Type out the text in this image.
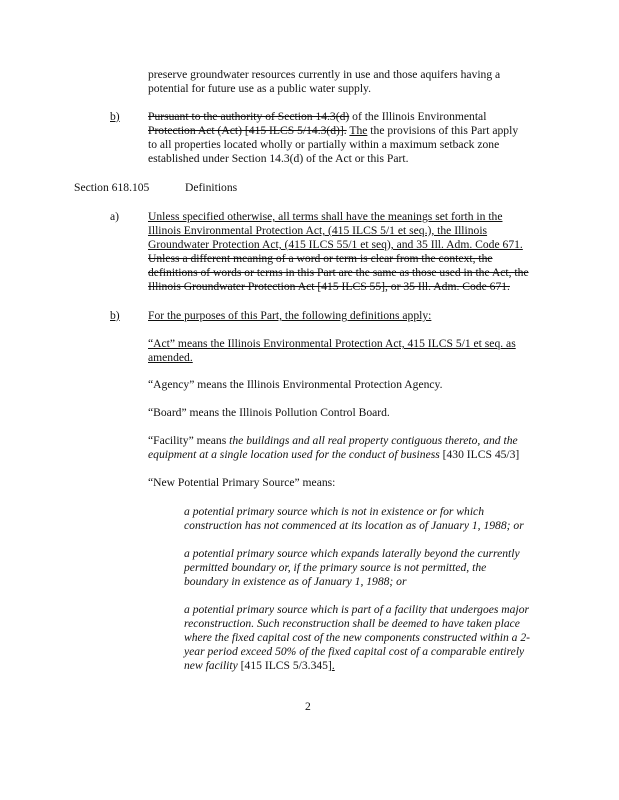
preserve groundwater resources currently in use and those aquifers having a
potential for future use as a public water supply.
b) Pursuant to the authority of Section 14.3(d) of the Illinois Environmental
Protection Act (Act) [415 ILCS 5/14.3(d)]. The the provisions of this Part apply
to all properties located wholly or partially within a maximum setback zone
established under Section 14.3(d) of the Act or this Part.
Section 618.105	Definitions
a) Unless specified otherwise, all terms shall have the meanings set forth in the
Illinois Environmental Protection Act, (415 ILCS 5/1 et seq.), the Illinois
Groundwater Protection Act, (415 ILCS 55/1 et seq), and 35 Ill. Adm. Code 671.
Unless a different meaning of a word or term is clear from the context, the
definitions of words or terms in this Part are the same as those used in the Act, the
Illinois Groundwater Protection Act [415 ILCS 55], or 35 Ill. Adm. Code 671.
b) For the purposes of this Part, the following definitions apply:
“Act” means the Illinois Environmental Protection Act, 415 ILCS 5/1 et seq. as
amended.
“Agency” means the Illinois Environmental Protection Agency.
“Board” means the Illinois Pollution Control Board.
“Facility” means the buildings and all real property contiguous thereto, and the
equipment at a single location used for the conduct of business [430 ILCS 45/3]
“New Potential Primary Source” means:
a potential primary source which is not in existence or for which
construction has not commenced at its location as of January 1, 1988; or
a potential primary source which expands laterally beyond the currently
permitted boundary or, if the primary source is not permitted, the
boundary in existence as of January 1, 1988; or
a potential primary source which is part of a facility that undergoes major
reconstruction. Such reconstruction shall be deemed to have taken place
where the fixed capital cost of the new components constructed within a 2-
year period exceed 50% of the fixed capital cost of a comparable entirely
new facility [415 ILCS 5/3.345].
2
